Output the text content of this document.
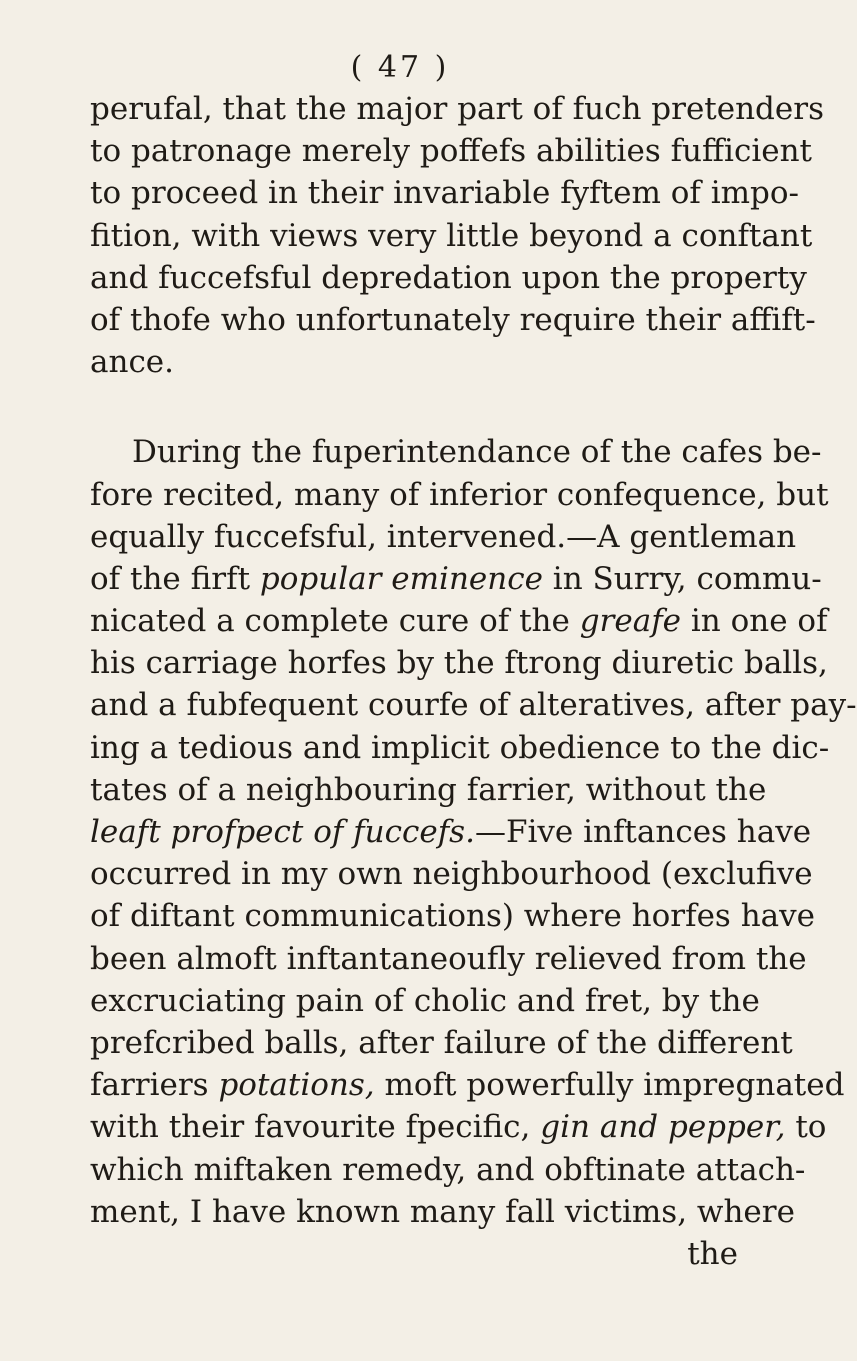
( 47 )
perufal, that the major part of fuch pretenders
to patronage merely poffefs abilities fufficient
to proceed in their invariable fyftem of impo-
fition, with views very little beyond a conftant
and fuccefsful depredation upon the property
of thofe who unfortunately require their affift-
ance.
During the fuperintendance of the cafes be-
fore recited, many of inferior confequence, but
equally fuccefsful, intervened.—A gentleman
of the firft popular eminence in Surry, commu-
nicated a complete cure of the greafe in one of
his carriage horfes by the ftrong diuretic balls,
and a fubfequent courfe of alteratives, after pay-
ing a tedious and implicit obedience to the dic-
tates of a neighbouring farrier, without the
leaft profpect of fuccefs.—Five inftances have
occurred in my own neighbourhood (exclufive
of diftant communications) where horfes have
been almoft inftantaneoufly relieved from the
excruciating pain of cholic and fret, by the
prefcribed balls, after failure of the different
farriers potations, moft powerfully impregnated
with their favourite fpecific, gin and pepper, to
which miftaken remedy, and obftinate attach-
ment, I have known many fall victims, where
the
